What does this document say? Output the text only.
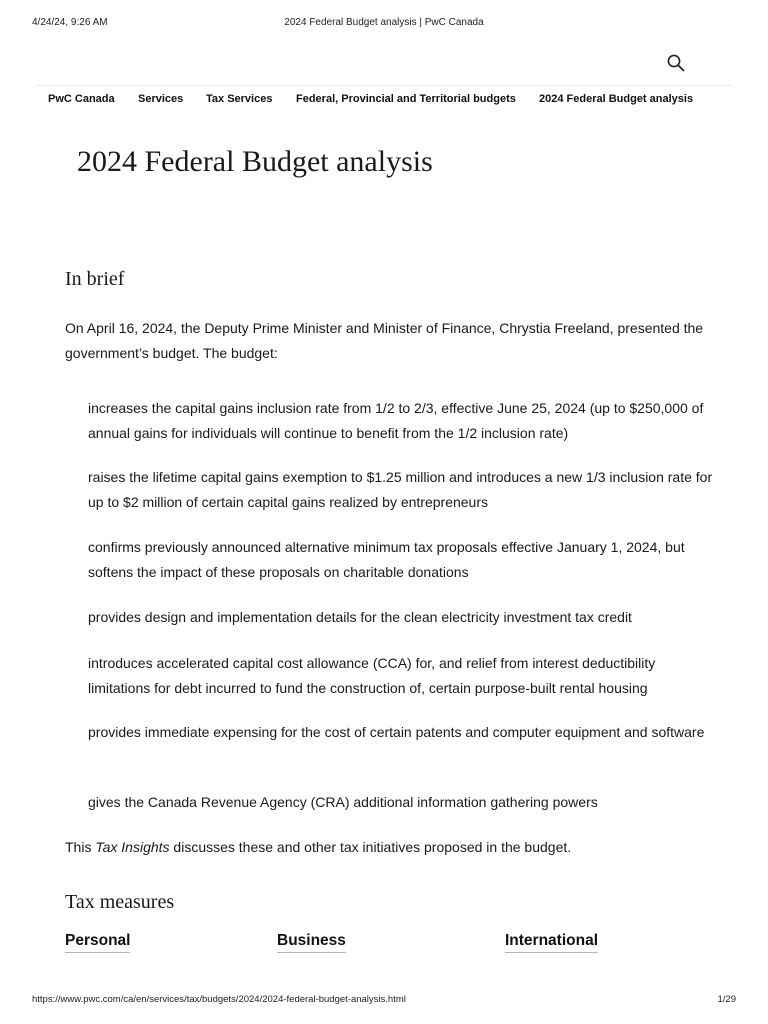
4/24/24, 9:26 AM	2024 Federal Budget analysis | PwC Canada
PwC Canada Services Tax Services Federal, Provincial and Territorial budgets 2024 Federal Budget analysis
2024 Federal Budget analysis
In brief

On April 16, 2024, the Deputy Prime Minister and Minister of Finance, Chrystia Freeland, presented the government’s budget. The budget:

increases the capital gains inclusion rate from 1/2 to 2/3, effective June 25, 2024 (up to $250,000 of annual gains for individuals will continue to benefit from the 1/2 inclusion rate)
raises the lifetime capital gains exemption to $1.25 million and introduces a new 1/3 inclusion rate for up to $2 million of certain capital gains realized by entrepreneurs
confirms previously announced alternative minimum tax proposals effective January 1, 2024, but softens the impact of these proposals on charitable donations
provides design and implementation details for the clean electricity investment tax credit
introduces accelerated capital cost allowance (CCA) for, and relief from interest deductibility limitations for debt incurred to fund the construction of, certain purpose-built rental housing
provides immediate expensing for the cost of certain patents and computer equipment and software
gives the Canada Revenue Agency (CRA) additional information gathering powers

This Tax Insights discusses these and other tax initiatives proposed in the budget.

Tax measures
Personal	Business	International
https://www.pwc.com/ca/en/services/tax/budgets/2024/2024-federal-budget-analysis.html	1/29
